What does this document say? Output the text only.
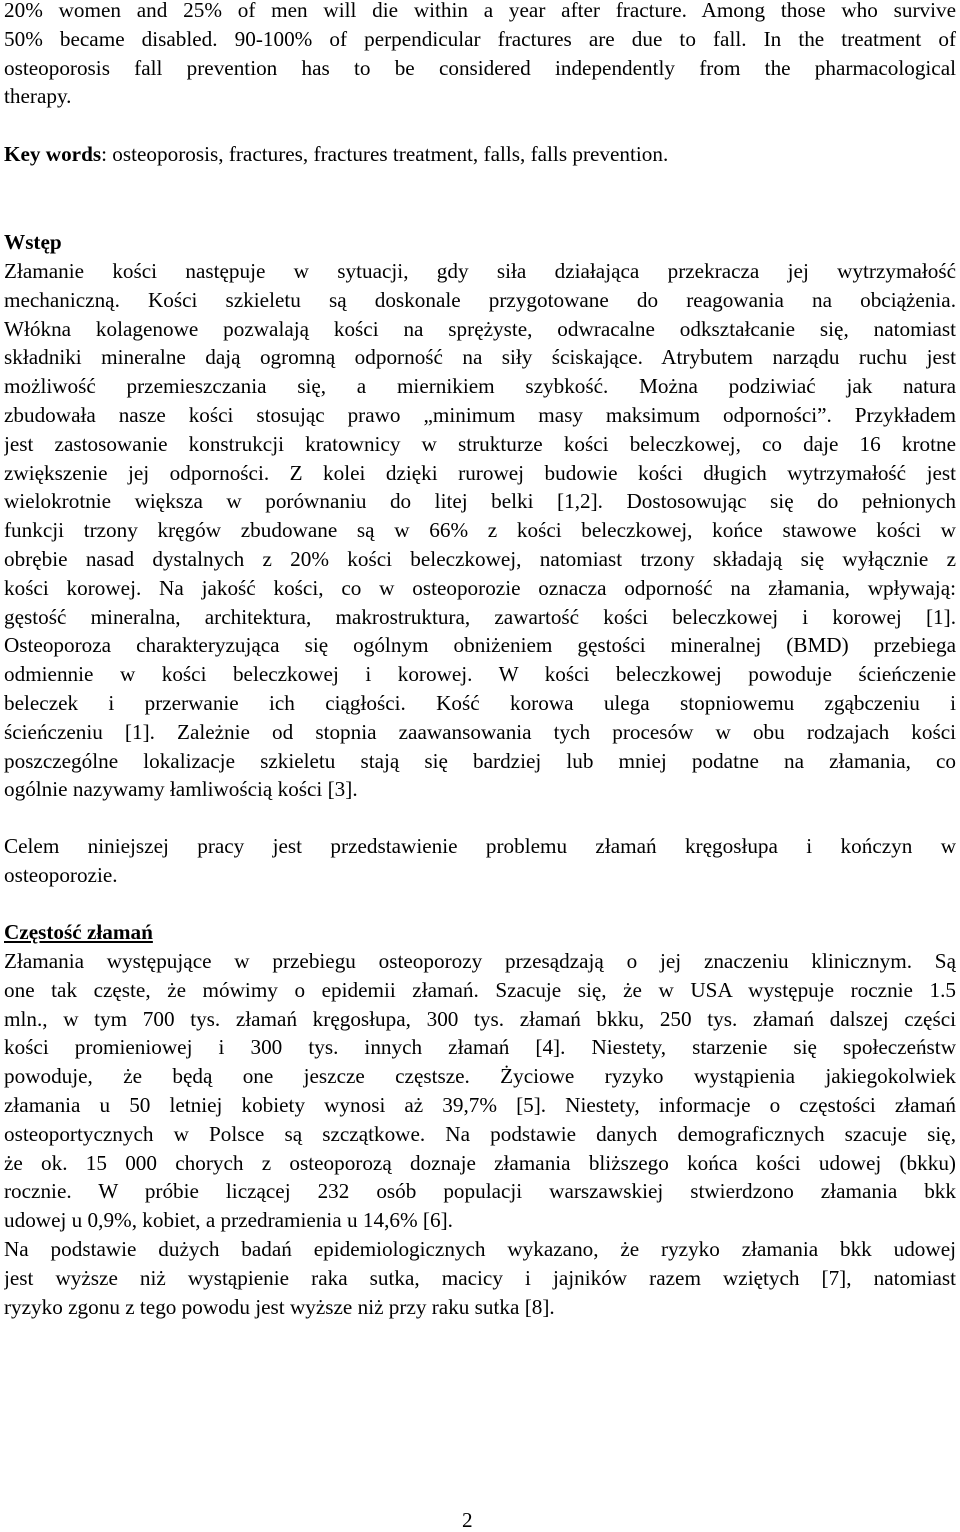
20% women and 25% of men will die within a year after fracture. Among those who survive
50% became disabled. 90-100% of perpendicular fractures are due to fall. In the treatment of
osteoporosis fall prevention has to be considered independently from the pharmacological
therapy.

Key words: osteoporosis, fractures, fractures treatment, falls, falls prevention.

Wstęp

Złamanie kości następuje w sytuacji, gdy siła działająca przekracza jej wytrzymałość
mechaniczną. Kości szkieletu są doskonale przygotowane do reagowania na obciążenia.
Włókna kolagenowe pozwalają kości na sprężyste, odwracalne odkształcanie się, natomiast
składniki mineralne dają ogromną odporność na siły ściskające. Atrybutem narządu ruchu jest
możliwość przemieszczania się, a miernikiem szybkość. Można podziwiać jak natura
zbudowała nasze kości stosując prawo „minimum masy maksimum odporności”. Przykładem
jest zastosowanie konstrukcji kratownicy w strukturze kości beleczkowej, co daje 16 krotne
zwiększenie jej odporności. Z kolei dzięki rurowej budowie kości długich wytrzymałość jest
wielokrotnie większa w porównaniu do litej belki [1,2]. Dostosowując się do pełnionych
funkcji trzony kręgów zbudowane są w 66% z kości beleczkowej, końce stawowe kości w
obrębie nasad dystalnych z 20% kości beleczkowej, natomiast trzony składają się wyłącznie z
kości korowej. Na jakość kości, co w osteoporozie oznacza odporność na złamania, wpływają:
gęstość mineralna, architektura, makrostruktura, zawartość kości beleczkowej i korowej [1].
Osteoporoza charakteryzująca się ogólnym obniżeniem gęstości mineralnej (BMD) przebiega
odmiennie w kości beleczkowej i korowej. W kości beleczkowej powoduje ścieńczenie
beleczek i przerwanie ich ciągłości. Kość korowa ulega stopniowemu zgąbczeniu i
ścieńczeniu [1]. Zależnie od stopnia zaawansowania tych procesów w obu rodzajach kości
poszczególne lokalizacje szkieletu stają się bardziej lub mniej podatne na złamania, co
ogólnie nazywamy łamliwością kości [3].
Celem niniejszej pracy jest przedstawienie problemu złamań kręgosłupa i kończyn w
osteoporozie.

Częstość złamań

Złamania występujące w przebiegu osteoporozy przesądzają o jej znaczeniu klinicznym. Są
one tak częste, że mówimy o epidemii złamań. Szacuje się, że w USA występuje rocznie 1.5
mln., w tym 700 tys. złamań kręgosłupa, 300 tys. złamań bkku, 250 tys. złamań dalszej części
kości promieniowej i 300 tys. innych złamań [4]. Niestety, starzenie się społeczeństw
powoduje, że będą one jeszcze częstsze. Życiowe ryzyko wystąpienia jakiegokolwiek
złamania u 50 letniej kobiety wynosi aż 39,7% [5]. Niestety, informacje o częstości złamań
osteoportycznych w Polsce są szczątkowe. Na podstawie danych demograficznych szacuje się,
że ok. 15 000 chorych z osteoporozą doznaje złamania bliższego końca kości udowej (bkku)
rocznie. W próbie liczącej 232 osób populacji warszawskiej stwierdzono złamania bkk
udowej u 0,9%, kobiet, a przedramienia u 14,6% [6].
Na podstawie dużych badań epidemiologicznych wykazano, że ryzyko złamania bkk udowej
jest wyższe niż wystąpienie raka sutka, macicy i jajników razem wziętych [7], natomiast
ryzyko zgonu z tego powodu jest wyższe niż przy raku sutka [8].
2
